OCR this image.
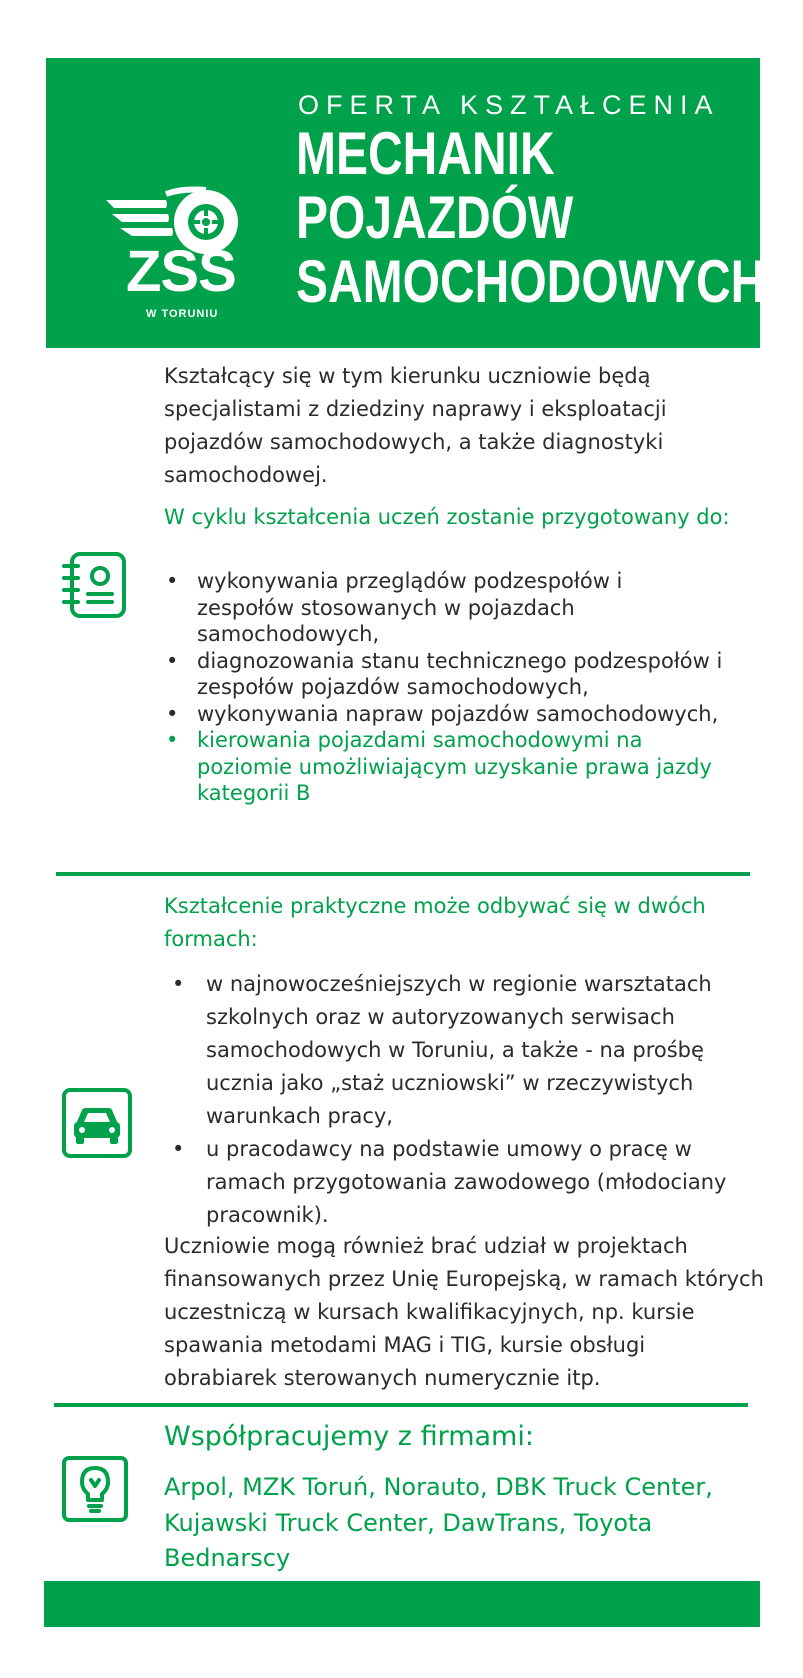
ZSS
W TORUNIU
OFERTA KSZTAŁCENIA
MECHANIK
POJAZDÓW
SAMOCHODOWYCH
Kształcący się w tym kierunku uczniowie będą specjalistami z dziedziny naprawy i eksploatacji pojazdów samochodowych, a także diagnostyki samochodowej.
W cyklu kształcenia uczeń zostanie przygotowany do:
• wykonywania przeglądów podzespołów i zespołów stosowanych w pojazdach samochodowych,
• diagnozowania stanu technicznego podzespołów i zespołów pojazdów samochodowych,
• wykonywania napraw pojazdów samochodowych,
• kierowania pojazdami samochodowymi na poziomie umożliwiającym uzyskanie prawa jazdy kategorii B
Kształcenie praktyczne może odbywać się w dwóch formach:
• w najnowocześniejszych w regionie warsztatach szkolnych oraz w autoryzowanych serwisach samochodowych w Toruniu, a także - na prośbę ucznia jako „staż uczniowski” w rzeczywistych warunkach pracy,
• u pracodawcy na podstawie umowy o pracę w ramach przygotowania zawodowego (młodociany pracownik).
Uczniowie mogą również brać udział w projektach finansowanych przez Unię Europejską, w ramach których uczestniczą w kursach kwalifikacyjnych, np. kursie spawania metodami MAG i TIG, kursie obsługi obrabiarek sterowanych numerycznie itp.
Współpracujemy z firmami:
Arpol, MZK Toruń, Norauto, DBK Truck Center, Kujawski Truck Center, DawTrans, Toyota Bednarscy
